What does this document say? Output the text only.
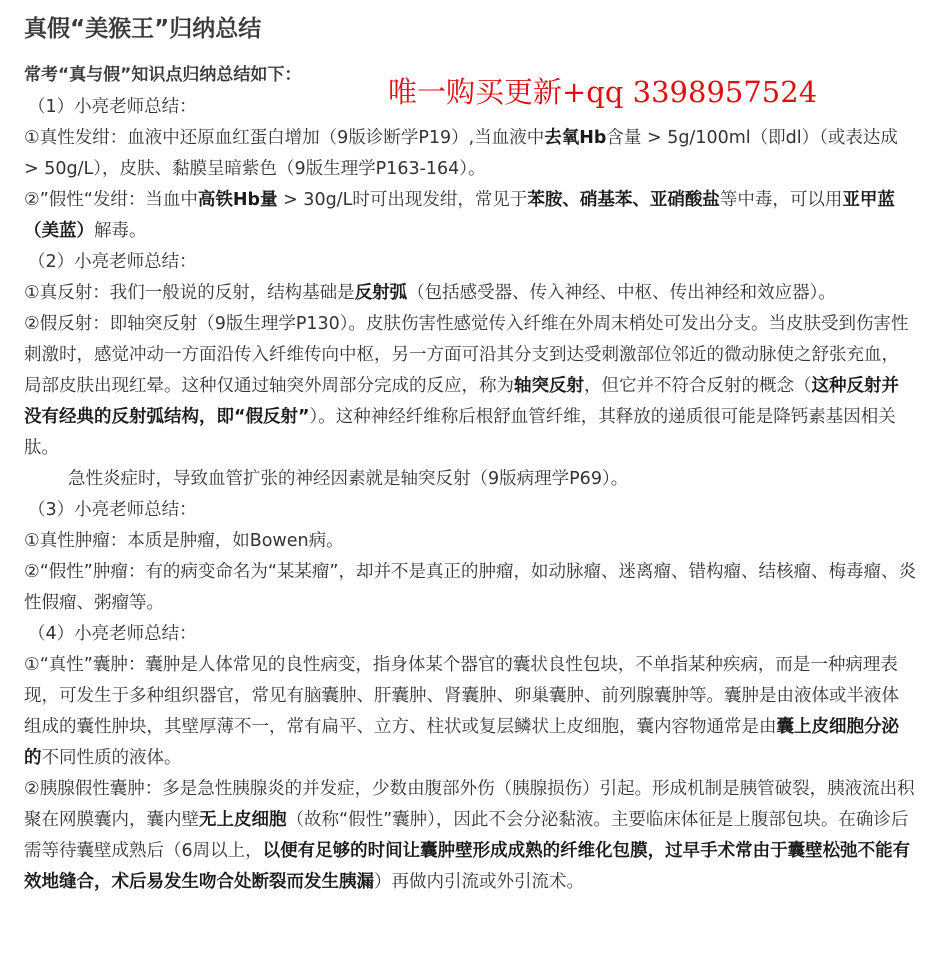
真假“美猴王”归纳总结
常考“真与假”知识点归纳总结如下：	唯一购买更新+qq 3398957524

（1）小亮老师总结：

①真性发绀：血液中还原血红蛋白增加（9版诊断学P19）,当血液中去氧Hb含量 > 5g/100ml（即dl）（或表达成 > 50g/L），皮肤、黏膜呈暗紫色（9版生理学P163-164）。

②”假性“发绀：当血中高铁Hb量 > 30g/L时可出现发绀，常见于苯胺、硝基苯、亚硝酸盐等中毒，可以用亚甲蓝（美蓝）解毒。

（2）小亮老师总结：

①真反射：我们一般说的反射，结构基础是反射弧（包括感受器、传入神经、中枢、传出神经和效应器）。

②假反射：即轴突反射（9版生理学P130）。皮肤伤害性感觉传入纤维在外周末梢处可发出分支。当皮肤受到伤害性刺激时，感觉冲动一方面沿传入纤维传向中枢，另一方面可沿其分支到达受刺激部位邻近的微动脉使之舒张充血，局部皮肤出现红晕。这种仅通过轴突外周部分完成的反应，称为轴突反射，但它并不符合反射的概念（这种反射并没有经典的反射弧结构，即“假反射”）。这种神经纤维称后根舒血管纤维，其释放的递质很可能是降钙素基因相关肽。

急性炎症时，导致血管扩张的神经因素就是轴突反射（9版病理学P69）。

（3）小亮老师总结：

①真性肿瘤：本质是肿瘤，如Bowen病。

②“假性”肿瘤：有的病变命名为“某某瘤”，却并不是真正的肿瘤，如动脉瘤、迷离瘤、错构瘤、结核瘤、梅毒瘤、炎性假瘤、粥瘤等。

（4）小亮老师总结：

①“真性”囊肿：囊肿是人体常见的良性病变，指身体某个器官的囊状良性包块，不单指某种疾病，而是一种病理表现，可发生于多种组织器官，常见有脑囊肿、肝囊肿、肾囊肿、卵巢囊肿、前列腺囊肿等。囊肿是由液体或半液体组成的囊性肿块，其壁厚薄不一，常有扁平、立方、柱状或复层鳞状上皮细胞，囊内容物通常是由囊上皮细胞分泌的不同性质的液体。

②胰腺假性囊肿：多是急性胰腺炎的并发症，少数由腹部外伤（胰腺损伤）引起。形成机制是胰管破裂，胰液流出积聚在网膜囊内，囊内壁无上皮细胞（故称“假性”囊肿），因此不会分泌黏液。主要临床体征是上腹部包块。在确诊后需等待囊壁成熟后（6周以上，以便有足够的时间让囊肿壁形成成熟的纤维化包膜，过早手术常由于囊壁松弛不能有效地缝合，术后易发生吻合处断裂而发生胰漏）再做内引流或外引流术。
